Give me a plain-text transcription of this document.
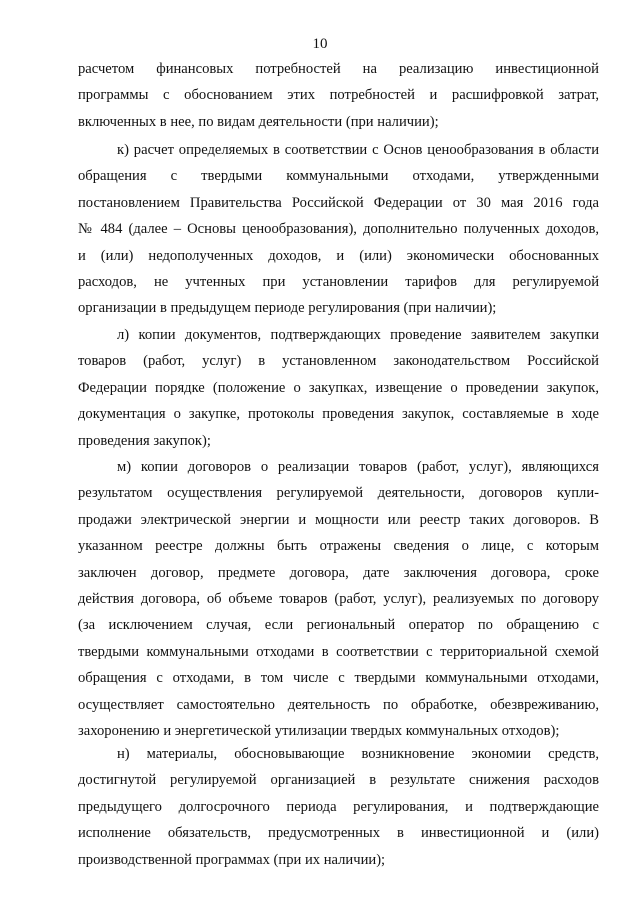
10
расчетом финансовых потребностей на реализацию инвестиционной
программы с обоснованием этих потребностей и расшифровкой затрат,
включенных в нее, по видам деятельности (при наличии);
к) расчет определяемых в соответствии с Основ ценообразования в области
обращения с твердыми коммунальными отходами, утвержденными
постановлением Правительства Российской Федерации от 30 мая 2016 года
№ 484 (далее – Основы ценообразования), дополнительно полученных доходов,
и (или) недополученных доходов, и (или) экономически обоснованных
расходов, не учтенных при установлении тарифов для регулируемой
организации в предыдущем периоде регулирования (при наличии);
л) копии документов, подтверждающих проведение заявителем закупки
товаров (работ, услуг) в установленном законодательством Российской
Федерации порядке (положение о закупках, извещение о проведении закупок,
документация о закупке, протоколы проведения закупок, составляемые в ходе
проведения закупок);
м) копии договоров о реализации товаров (работ, услуг), являющихся
результатом осуществления регулируемой деятельности, договоров купли-
продажи электрической энергии и мощности или реестр таких договоров. В
указанном реестре должны быть отражены сведения о лице, с которым
заключен договор, предмете договора, дате заключения договора, сроке
действия договора, об объеме товаров (работ, услуг), реализуемых по договору
(за исключением случая, если региональный оператор по обращению с
твердыми коммунальными отходами в соответствии с территориальной схемой
обращения с отходами, в том числе с твердыми коммунальными отходами,
осуществляет самостоятельно деятельность по обработке, обезвреживанию,
захоронению и энергетической утилизации твердых коммунальных отходов);
н) материалы, обосновывающие возникновение экономии средств,
достигнутой регулируемой организацией в результате снижения расходов
предыдущего долгосрочного периода регулирования, и подтверждающие
исполнение обязательств, предусмотренных в инвестиционной и (или)
производственной программах (при их наличии);
